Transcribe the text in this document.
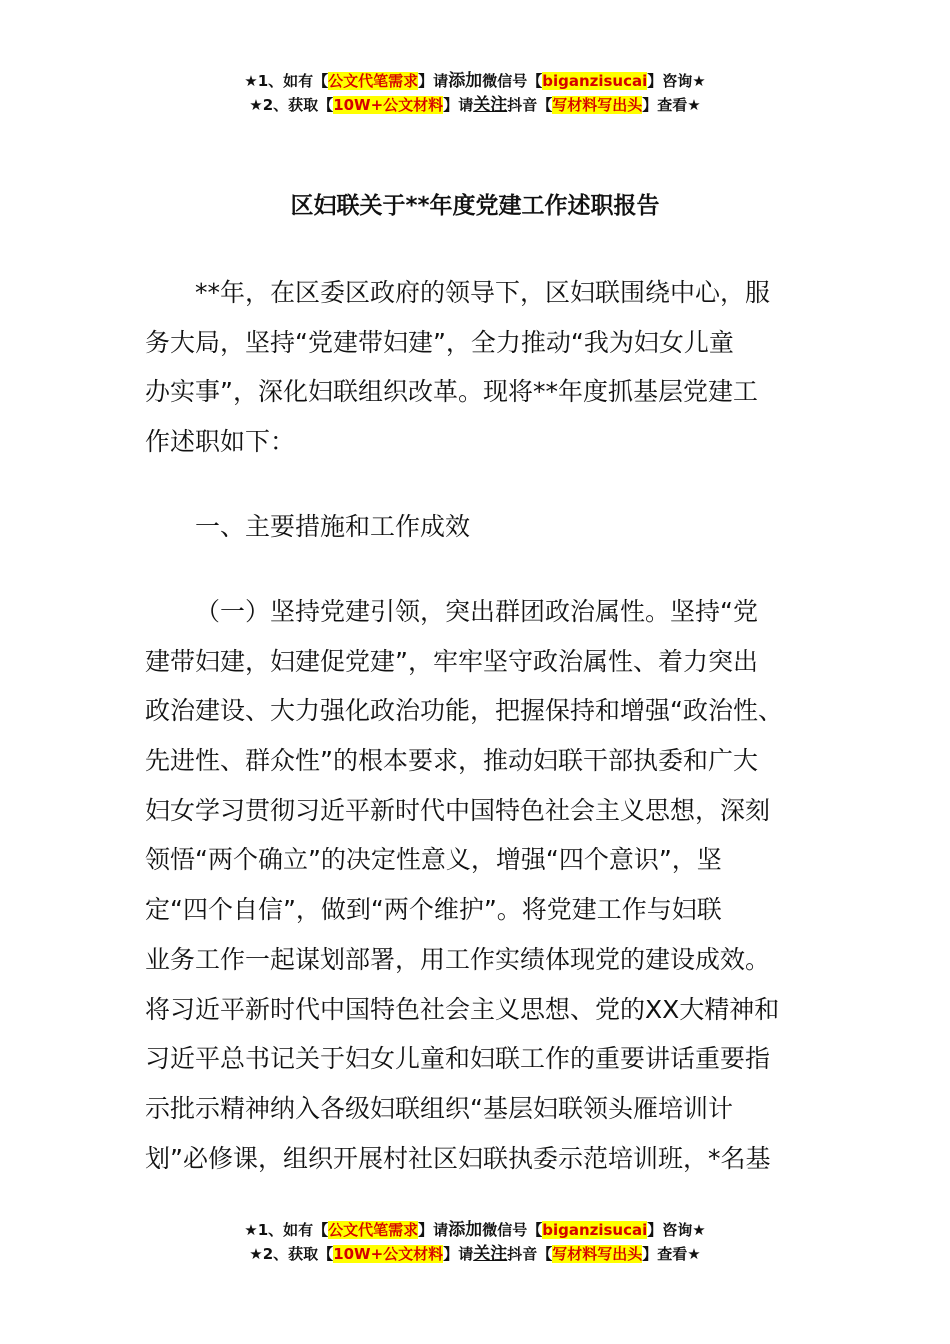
★1、如有【公文代笔需求】请添加微信号【biganzisucai】咨询★
★2、获取【10W+公文材料】请关注抖音【写材料写出头】查看★
区妇联关于**年度党建工作述职报告
**年，在区委区政府的领导下，区妇联围绕中心，服
务大局，坚持“党建带妇建”，全力推动“我为妇女儿童
办实事”，深化妇联组织改革。现将**年度抓基层党建工
作述职如下：
一、主要措施和工作成效
（一）坚持党建引领，突出群团政治属性。坚持“党
建带妇建，妇建促党建”，牢牢坚守政治属性、着力突出
政治建设、大力强化政治功能，把握保持和增强“政治性、
先进性、群众性”的根本要求，推动妇联干部执委和广大
妇女学习贯彻习近平新时代中国特色社会主义思想，深刻
领悟“两个确立”的决定性意义，增强“四个意识”，坚
定“四个自信”，做到“两个维护”。将党建工作与妇联
业务工作一起谋划部署，用工作实绩体现党的建设成效。
将习近平新时代中国特色社会主义思想、党的XX大精神和
习近平总书记关于妇女儿童和妇联工作的重要讲话重要指
示批示精神纳入各级妇联组织“基层妇联领头雁培训计
划”必修课，组织开展村社区妇联执委示范培训班，*名基
★1、如有【公文代笔需求】请添加微信号【biganzisucai】咨询★
★2、获取【10W+公文材料】请关注抖音【写材料写出头】查看★
